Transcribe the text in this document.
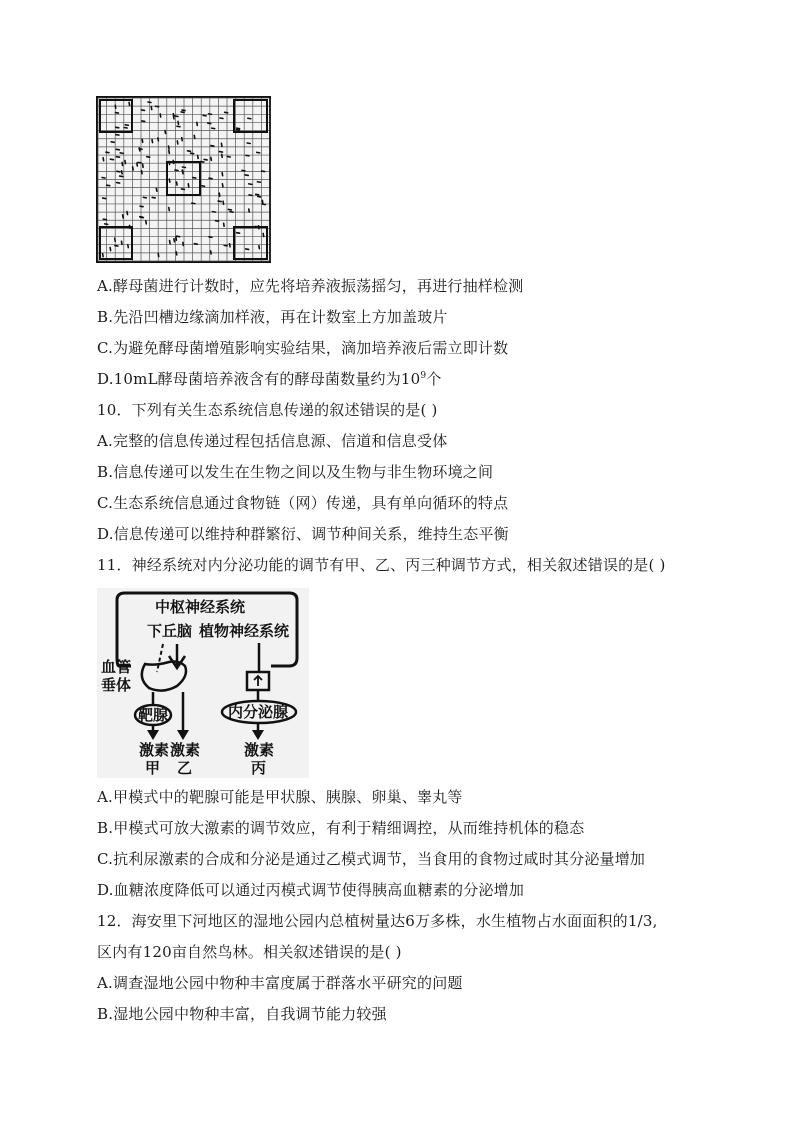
A.酵母菌进行计数时，应先将培养液振荡摇匀，再进行抽样检测
B.先沿凹槽边缘滴加样液，再在计数室上方加盖玻片
C.为避免酵母菌增殖影响实验结果，滴加培养液后需立即计数
D.10mL酵母菌培养液含有的酵母菌数量约为$10^9$个
10．下列有关生态系统信息传递的叙述错误的是( )
A.完整的信息传递过程包括信息源、信道和信息受体
B.信息传递可以发生在生物之间以及生物与非生物环境之间
C.生态系统信息通过食物链（网）传递，具有单向循环的特点
D.信息传递可以维持种群繁衍、调节种间关系，维持生态平衡
11．神经系统对内分泌功能的调节有甲、乙、丙三种调节方式，相关叙述错误的是( )
中枢神经系统
下丘脑 植物神经系统
血管
垂体
靶腺	内分泌腺
激素
甲
激素
乙
激素
丙
A.甲模式中的靶腺可能是甲状腺、胰腺、卵巢、睾丸等
B.甲模式可放大激素的调节效应，有利于精细调控，从而维持机体的稳态
C.抗利尿激素的合成和分泌是通过乙模式调节，当食用的食物过咸时其分泌量增加
D.血糖浓度降低可以通过丙模式调节使得胰高血糖素的分泌增加
12．海安里下河地区的湿地公园内总植树量达6万多株，水生植物占水面面积的1/3,
区内有120亩自然鸟林。相关叙述错误的是( )
A.调查湿地公园中物种丰富度属于群落水平研究的问题
B.湿地公园中物种丰富，自我调节能力较强
